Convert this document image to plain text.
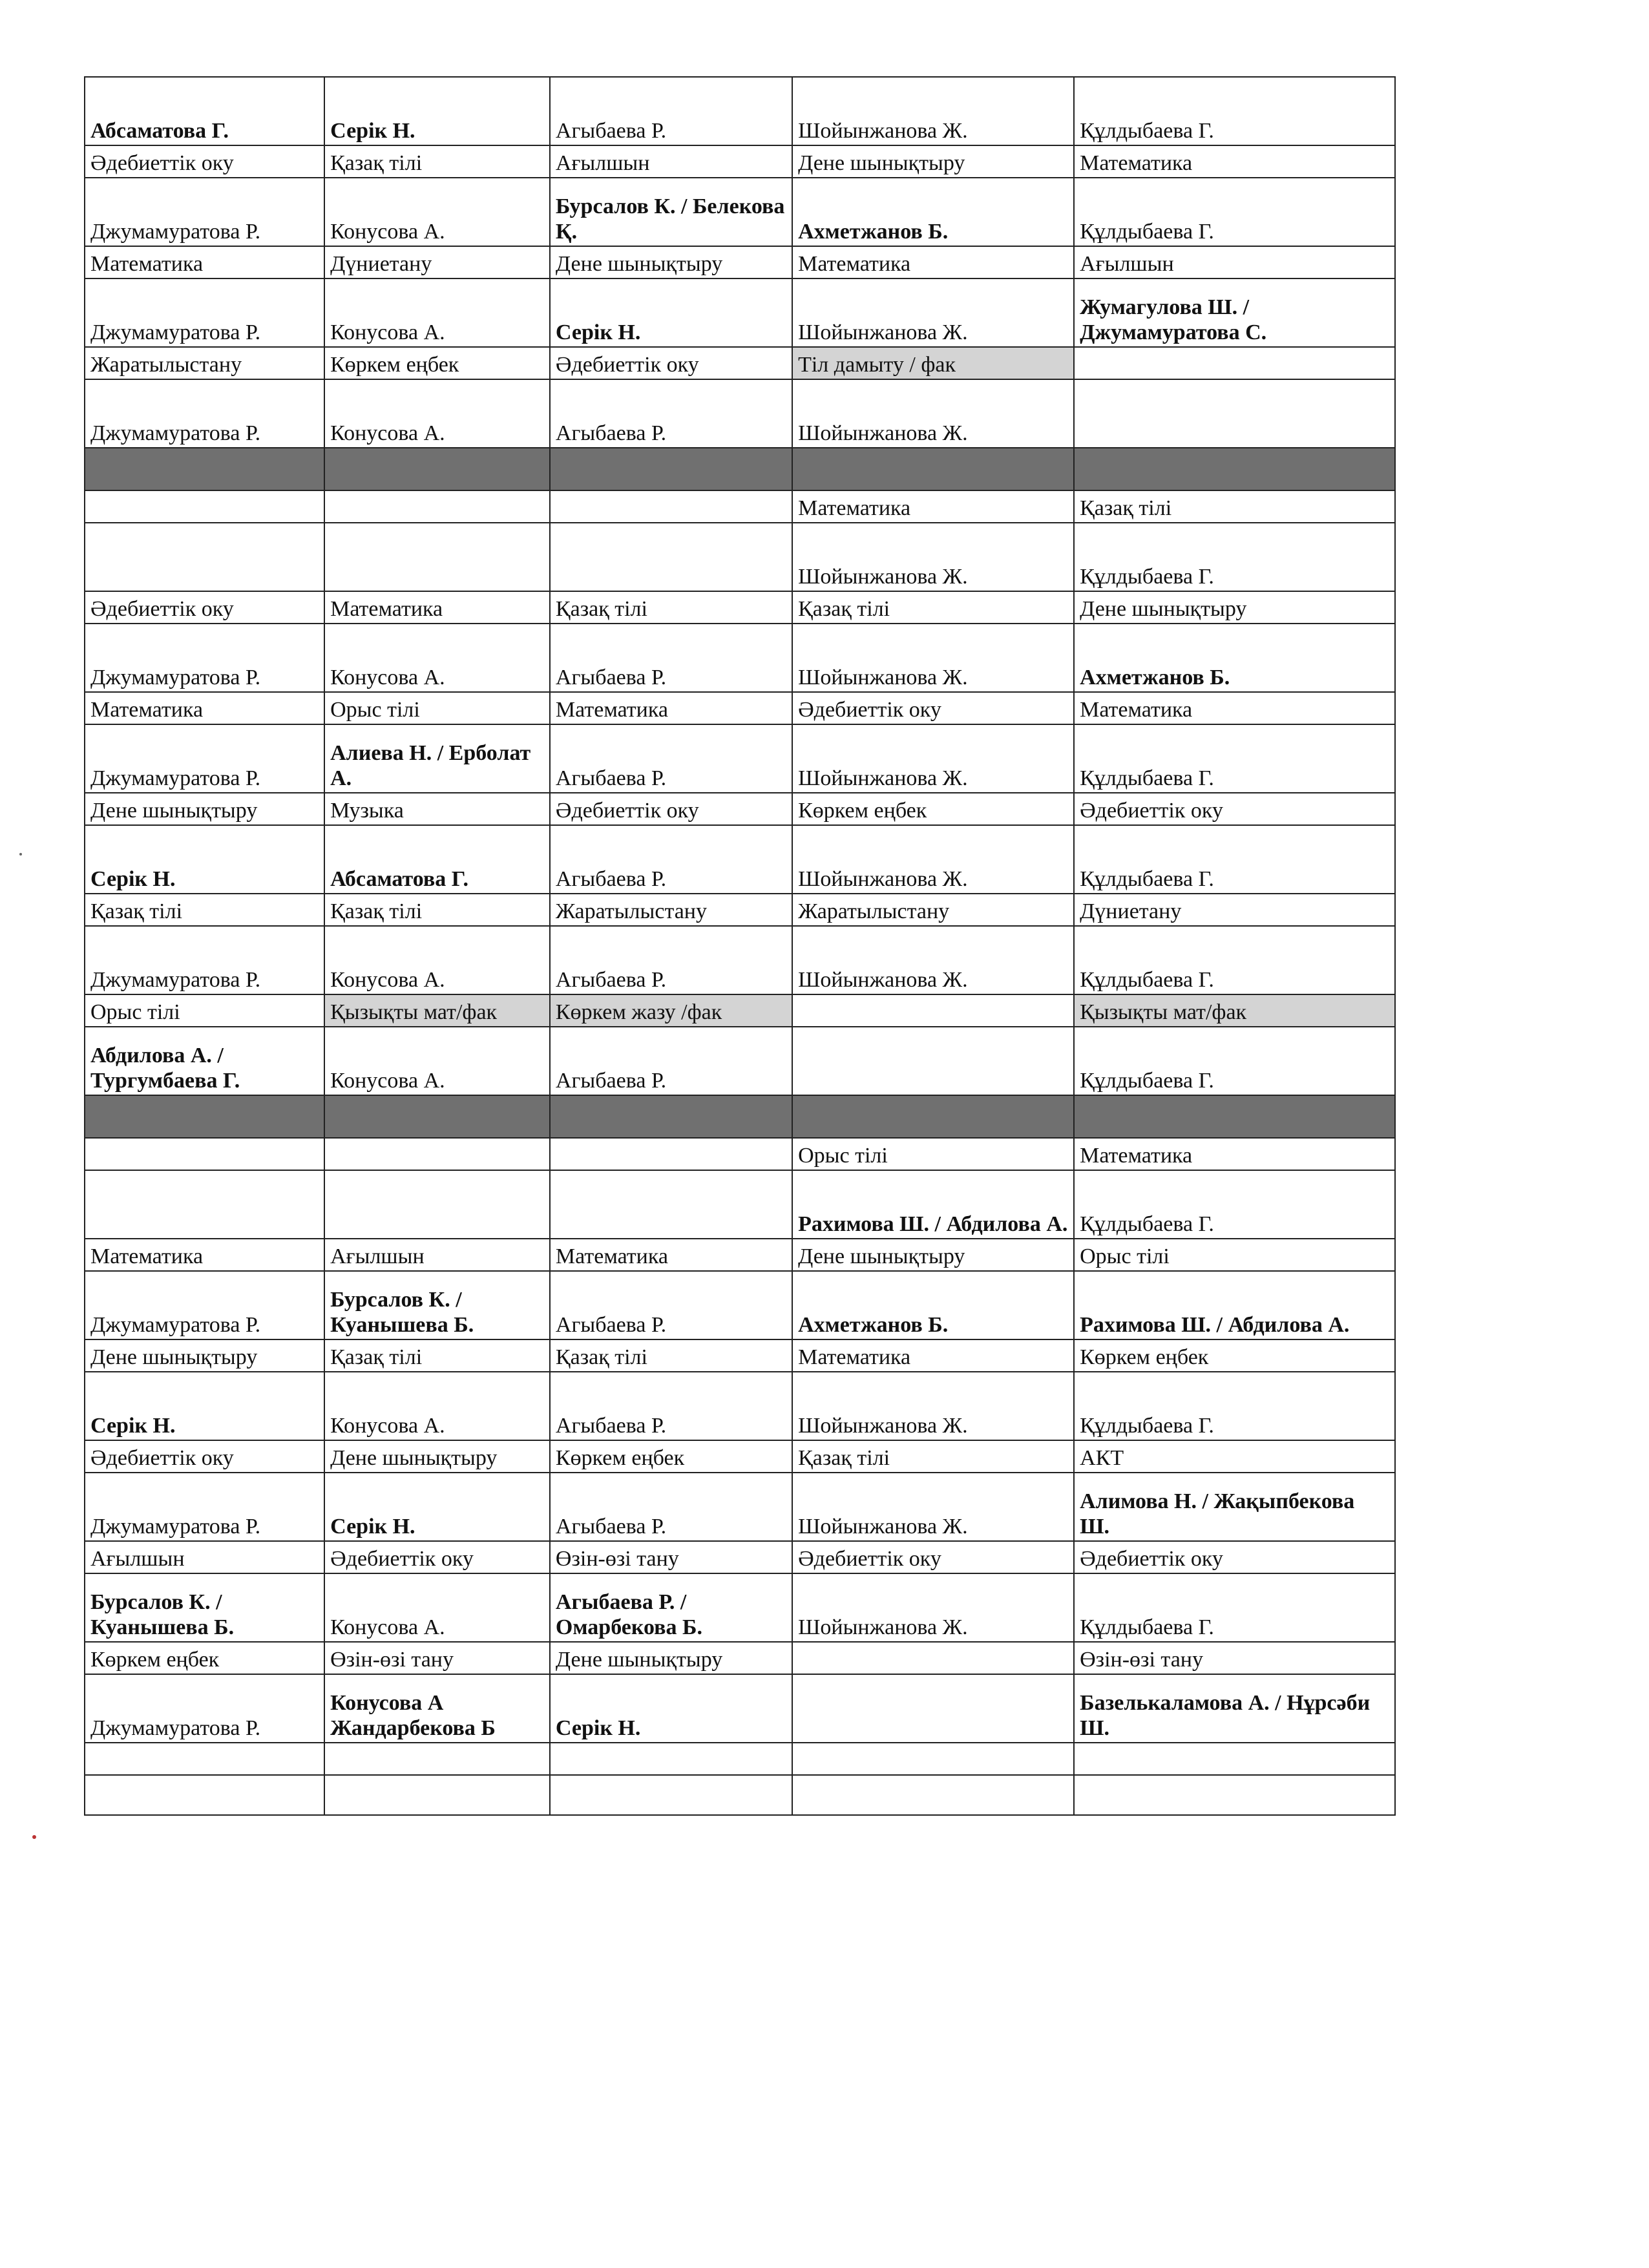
Абсаматова Г.	Серік Н.	Агыбаева Р.	Шойынжанова Ж.	Құлдыбаева Г.
Әдебиеттік оку	Қазақ тілі	Ағылшын	Дене шынықтыру	Математика
Джумамуратова Р.	Конусова А.	Бурсалов К. / Белекова Қ.	Ахметжанов Б.	Құлдыбаева Г.
Математика	Дүниетану	Дене шынықтыру	Математика	Ағылшын
Джумамуратова Р.	Конусова А.	Серік Н.	Шойынжанова Ж.	Жумагулова Ш. / Джумамуратова С.
Жаратылыстану	Көркем еңбек	Әдебиеттік оку	Тіл дамыту / фак	
Джумамуратова Р.	Конусова А.	Агыбаева Р.	Шойынжанова Ж.	

			Математика	Қазақ тілі
			Шойынжанова Ж.	Құлдыбаева Г.
Әдебиеттік оку	Математика	Қазақ тілі	Қазақ тілі	Дене шынықтыру
Джумамуратова Р.	Конусова А.	Агыбаева Р.	Шойынжанова Ж.	Ахметжанов Б.
Математика	Орыс тілі	Математика	Әдебиеттік оку	Математика
Джумамуратова Р.	Алиева Н. / Ерболат А.	Агыбаева Р.	Шойынжанова Ж.	Құлдыбаева Г.
Дене шынықтыру	Музыка	Әдебиеттік оку	Көркем еңбек	Әдебиеттік оку
Серік Н.	Абсаматова Г.	Агыбаева Р.	Шойынжанова Ж.	Құлдыбаева Г.
Қазақ тілі	Қазақ тілі	Жаратылыстану	Жаратылыстану	Дүниетану
Джумамуратова Р.	Конусова А.	Агыбаева Р.	Шойынжанова Ж.	Құлдыбаева Г.
Орыс тілі	Қызықты мат/фак	Көркем жазу /фак		Қызықты мат/фак
Абдилова А. / Тургумбаева Г.	Конусова А.	Агыбаева Р.		Құлдыбаева Г.

			Орыс тілі	Математика
			Рахимова Ш. / Абдилова А.	Құлдыбаева Г.
Математика	Ағылшын	Математика	Дене шынықтыру	Орыс тілі
Джумамуратова Р.	Бурсалов К. / Куанышева Б.	Агыбаева Р.	Ахметжанов Б.	Рахимова Ш. / Абдилова А.
Дене шынықтыру	Қазақ тілі	Қазақ тілі	Математика	Көркем еңбек
Серік Н.	Конусова А.	Агыбаева Р.	Шойынжанова Ж.	Құлдыбаева Г.
Әдебиеттік оку	Дене шынықтыру	Көркем еңбек	Қазақ тілі	АКТ
Джумамуратова Р.	Серік Н.	Агыбаева Р.	Шойынжанова Ж.	Алимова Н. / Жақыпбекова Ш.
Ағылшын	Әдебиеттік оку	Өзін-өзі тану	Әдебиеттік оку	Әдебиеттік оку
Бурсалов К. / Куанышева Б.	Конусова А.	Агыбаева Р. / Омарбекова Б.	Шойынжанова Ж.	Құлдыбаева Г.
Көркем еңбек	Өзін-өзі тану	Дене шынықтыру		Өзін-өзі тану
Джумамуратова Р.	Конусова А Жандарбекова Б	Серік Н.		Базелькаламова А. / Нұрсәби Ш.
